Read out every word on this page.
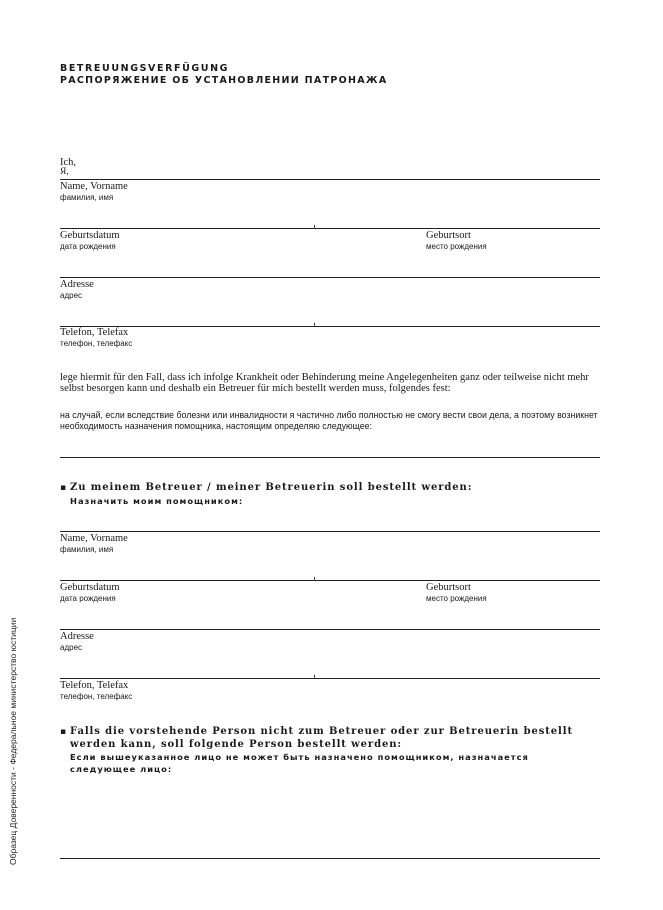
BETREUUNGSVERFÜGUNG
РАСПОРЯЖЕНИЕ ОБ УСТАНОВЛЕНИИ ПАТРОНАЖА
Ich,
Я,
Name, Vorname
фамилия, имя
Geburtsdatum
дата рождения
Geburtsort
место рождения
Adresse
адрес
Telefon, Telefax
телефон, телефакс
lege hiermit für den Fall, dass ich infolge Krankheit oder Behinderung meine Angelegenheiten ganz oder teilweise nicht mehr selbst besorgen kann und deshalb ein Betreuer für mich bestellt werden muss, folgendes fest:
на случай, если вследствие болезни или инвалидности я частично либо полностью не смогу вести свои дела, а поэтому возникнет необходимость назначения помощника, настоящим определяю следующее:
▪ Zu meinem Betreuer / meiner Betreuerin soll bestellt werden:
Назначить моим помощником:
Name, Vorname
фамилия, имя
Geburtsdatum
дата рождения
Geburtsort
место рождения
Adresse
адрес
Telefon, Telefax
телефон, телефакс
▪ Falls die vorstehende Person nicht zum Betreuer oder zur Betreuerin bestellt
werden kann, soll folgende Person bestellt werden:
Если вышеуказанное лицо не может быть назначено помощником, назначается
следующее лицо:
Образец Доверенности - Федеральное министерство юстиции
